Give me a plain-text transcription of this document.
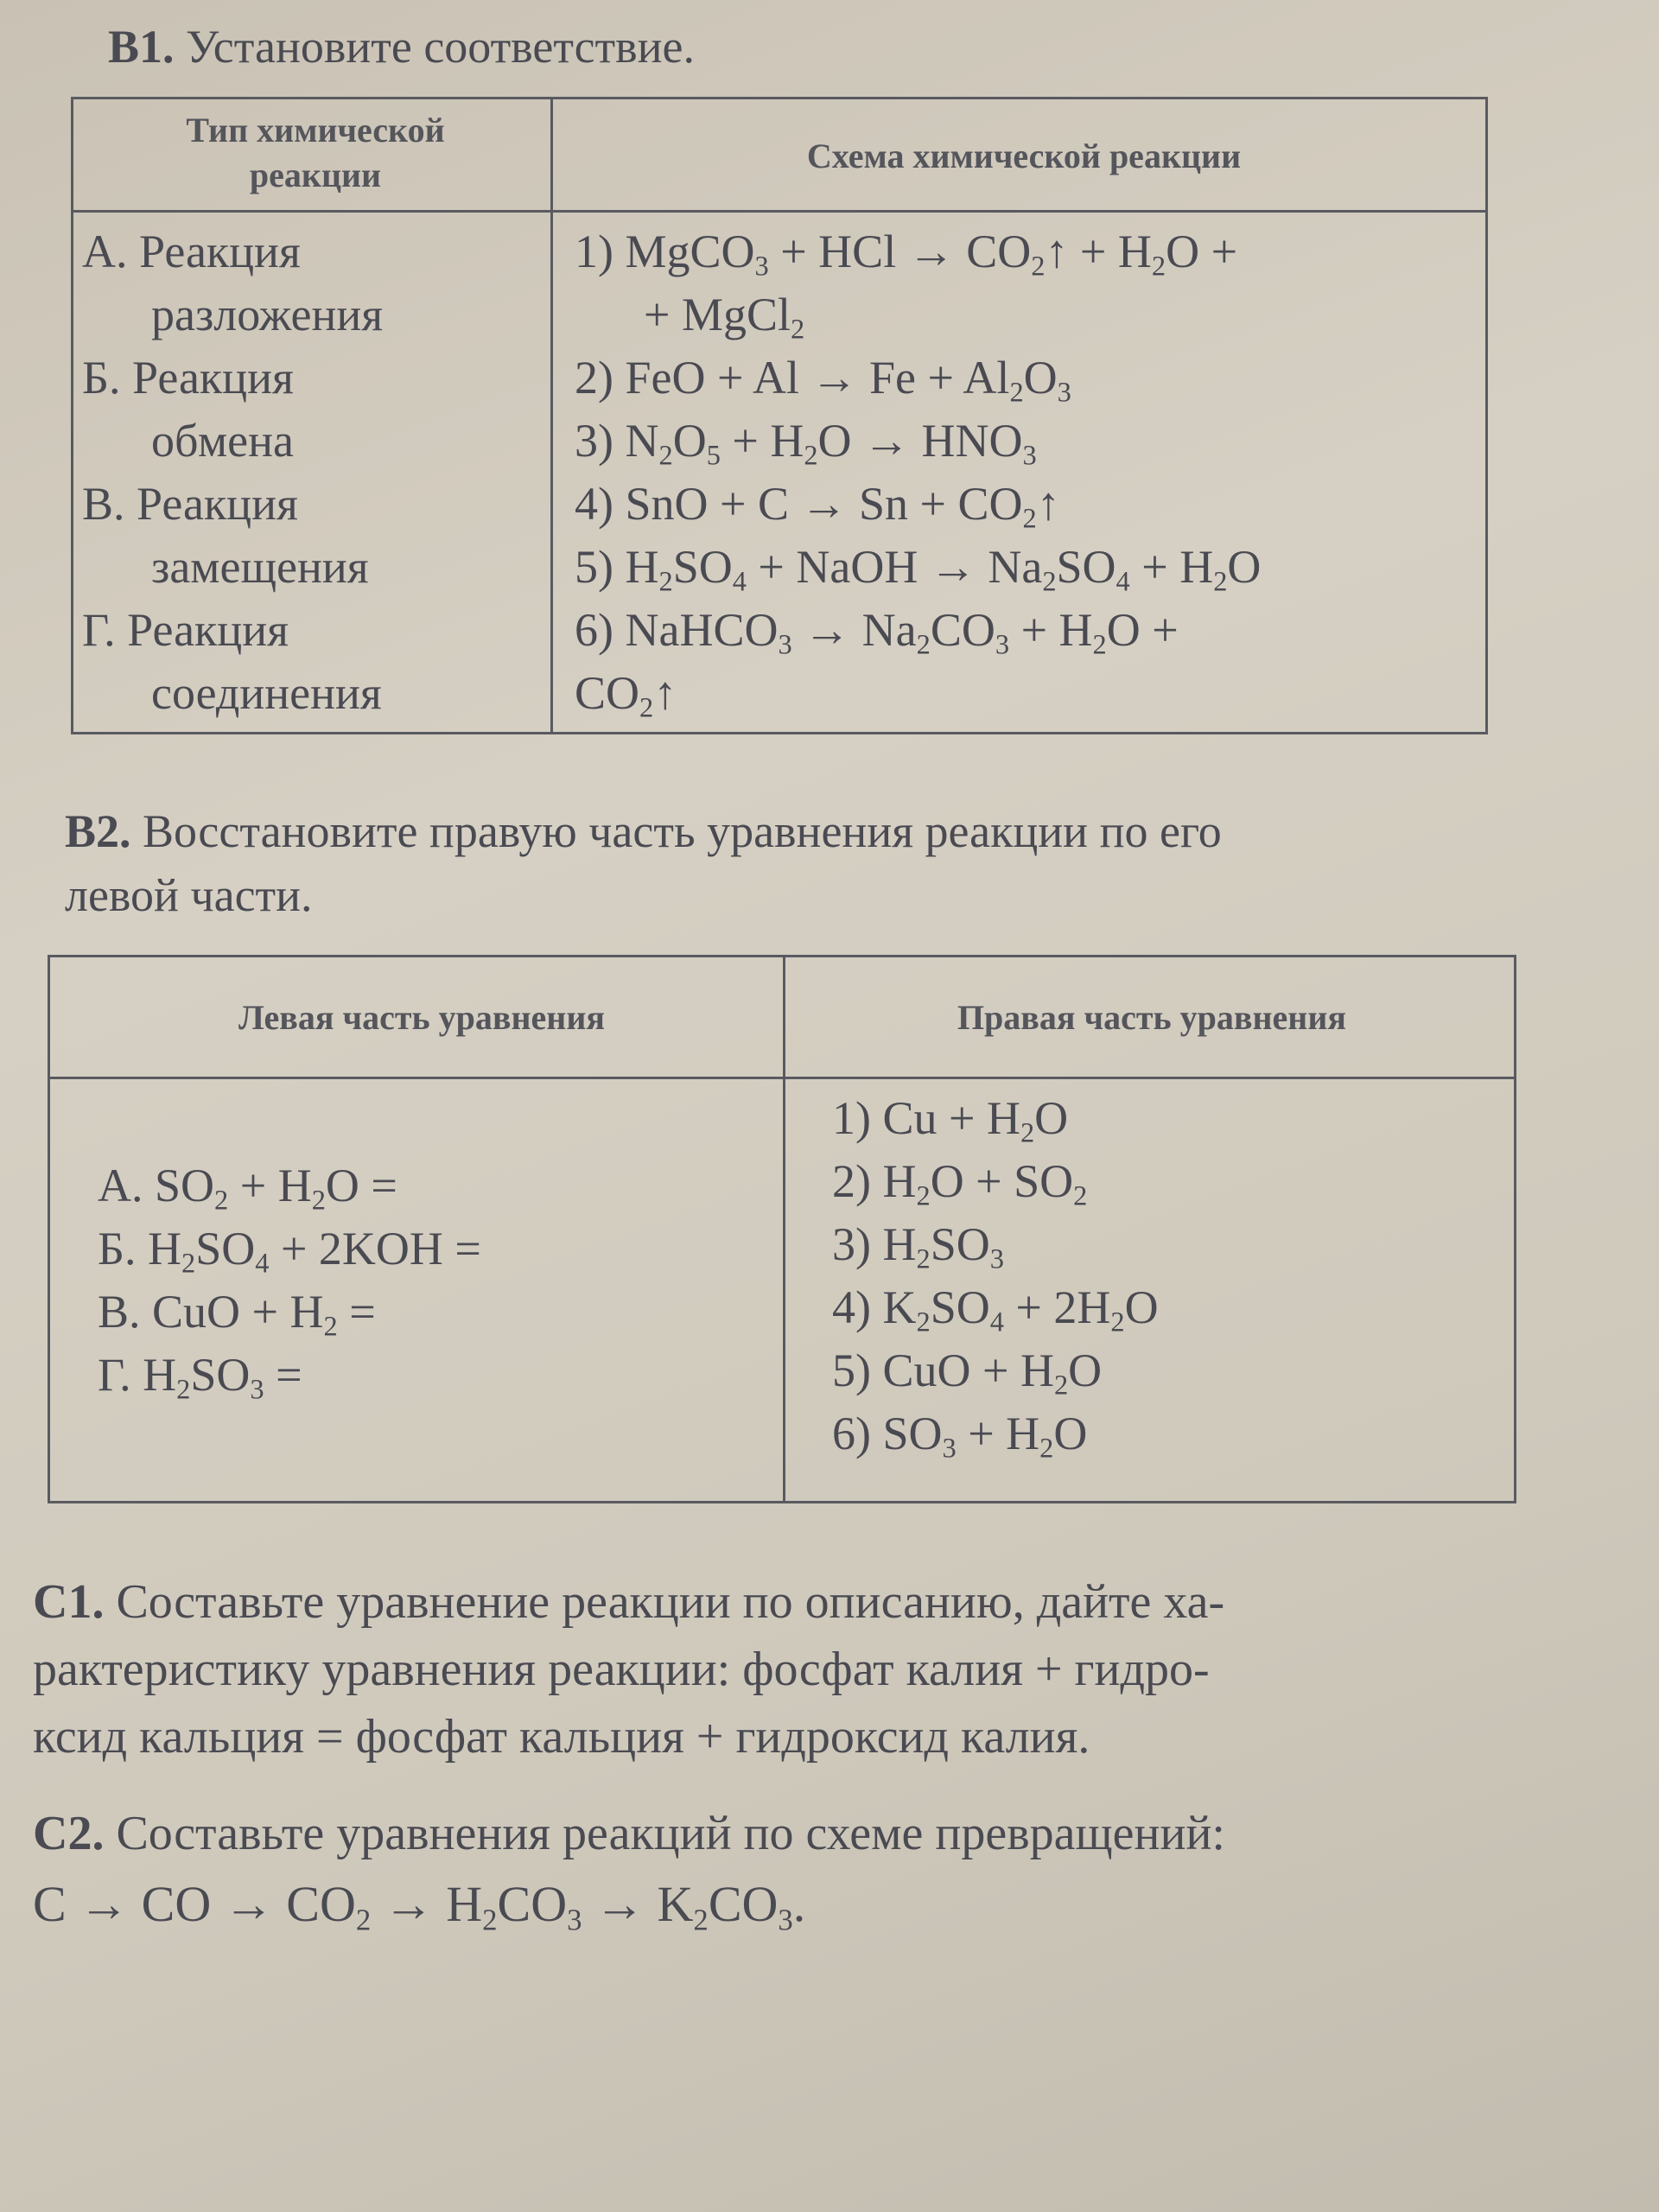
B1. Установите соответствие.
Тип химической реакции	Схема химической реакции
А. Реакция
разложения
Б. Реакция
обмена
В. Реакция
замещения
Г. Реакция
соединения
1) MgCO$_3$ + HCl → $CO_2↑ + H_2O$ +
+ MgCl$_2$
2) FeO + $Al \to Fe + Al_2O_3$
3) $N_2O_5 + H_2O \to HNO_3$
4) SnO + $C \to Sn + CO_2↑$
5) $H_2SO_4$ + NaOH → $Na_2SO_4 + H_2O$
6) NaHCO$_3$ → $Na_2CO_3 + H_2O$ +
$CO_2↑$
B2. Восстановите правую часть уравнения реакции по его
левой части.
Левая часть уравнения	Правая часть уравнения
А. $SO_2 + H_2O$ =
Б. $H_2SO_4 + 2KOH$ =
В. CuO + $H_2$ =
Г. $H_2SO_3$ =
1) $Cu + H_2O$
2) $H_2O + SO_2$
3) $H_2SO_3$
4) $K_2SO_4 + 2H_2O$
5) CuO + $H_2O$
6) $SO_3 + H_2O$
С1. Составьте уравнение реакции по описанию, дайте ха-
рактеристику уравнения реакции: фосфат калия + гидро-
ксид кальция = фосфат кальция + гидроксид калия.
С2. Составьте уравнения реакций по схеме превращений:
C → CO → $CO_2 \to H_2CO_3 \to K_2CO_3$.
